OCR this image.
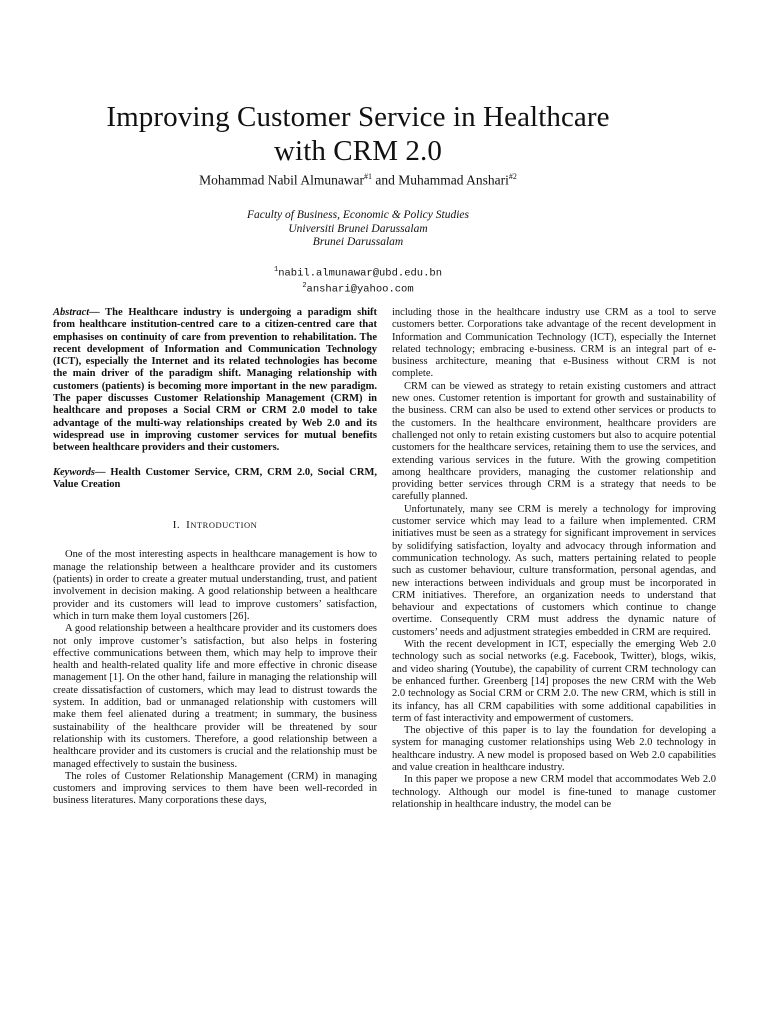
Improving Customer Service in Healthcare
with CRM 2.0
Mohammad Nabil Almunawar$^{\#1}$ and Muhammad Anshari$^{\#2}$
Faculty of Business, Economic & Policy Studies
Universiti Brunei Darussalam
Brunei Darussalam
$^1$nabil.almunawar@ubd.edu.bn
$^2$anshari@yahoo.com
Abstract— The Healthcare industry is undergoing a paradigm shift from healthcare institution-centred care to a citizen-centred care that emphasises on continuity of care from prevention to rehabilitation. The recent development of Information and Communication Technology (ICT), especially the Internet and its related technologies has become the main driver of the paradigm shift. Managing relationship with customers (patients) is becoming more important in the new paradigm. The paper discusses Customer Relationship Management (CRM) in healthcare and proposes a Social CRM or CRM 2.0 model to take advantage of the multi-way relationships created by Web 2.0 and its widespread use in improving customer services for mutual benefits between healthcare providers and their customers.
Keywords— Health Customer Service, CRM, CRM 2.0, Social CRM, Value Creation
I. INTRODUCTION

One of the most interesting aspects in healthcare management is how to manage the relationship between a healthcare provider and its customers (patients) in order to create a greater mutual understanding, trust, and patient involvement in decision making. A good relationship between a healthcare provider and its customers will lead to improve customers’ satisfaction, which in turn make them loyal customers [26].

A good relationship between a healthcare provider and its customers does not only improve customer’s satisfaction, but also helps in fostering effective communications between them, which may help to improve their health and health-related quality life and more effective in chronic disease management [1]. On the other hand, failure in managing the relationship will create dissatisfaction of customers, which may lead to distrust towards the system. In addition, bad or unmanaged relationship with customers will make them feel alienated during a treatment; in summary, the business sustainability of the healthcare provider will be threatened by sour relationship with its customers. Therefore, a good relationship between a healthcare provider and its customers is crucial and the relationship must be managed effectively to sustain the business.

The roles of Customer Relationship Management (CRM) in managing customers and improving services to them have been well-recorded in business literatures. Many corporations these days,

including those in the healthcare industry use CRM as a tool to serve customers better. Corporations take advantage of the recent development in Information and Communication Technology (ICT), especially the Internet related technology; embracing e-business. CRM is an integral part of e-business architecture, meaning that e-Business without CRM is not complete.

CRM can be viewed as strategy to retain existing customers and attract new ones. Customer retention is important for growth and sustainability of the business. CRM can also be used to extend other services or products to the customers. In the healthcare environment, healthcare providers are challenged not only to retain existing customers but also to acquire potential customers for the healthcare services, retaining them to use the services, and extending various services in the future. With the growing competition among healthcare providers, managing the customer relationship and providing better services through CRM is a strategy that needs to be carefully planned.

Unfortunately, many see CRM is merely a technology for improving customer service which may lead to a failure when implemented. CRM initiatives must be seen as a strategy for significant improvement in services by solidifying satisfaction, loyalty and advocacy through information and communication technology. As such, matters pertaining related to people such as customer behaviour, culture transformation, personal agendas, and new interactions between individuals and group must be incorporated in CRM initiatives. Therefore, an organization needs to understand that behaviour and expectations of customers which continue to change overtime. Consequently CRM must address the dynamic nature of customers’ needs and adjustment strategies embedded in CRM are required.

With the recent development in ICT, especially the emerging Web 2.0 technology such as social networks (e.g. Facebook, Twitter), blogs, wikis, and video sharing (Youtube), the capability of current CRM technology can be enhanced further. Greenberg [14] proposes the new CRM with the Web 2.0 technology as Social CRM or CRM 2.0. The new CRM, which is still in its infancy, has all CRM capabilities with some additional capabilities in term of fast interactivity and empowerment of customers.

The objective of this paper is to lay the foundation for developing a system for managing customer relationships using Web 2.0 technology in healthcare industry. A new model is proposed based on Web 2.0 capabilities and value creation in healthcare industry.

In this paper we propose a new CRM model that accommodates Web 2.0 technology. Although our model is fine-tuned to manage customer relationship in healthcare industry, the model can be
